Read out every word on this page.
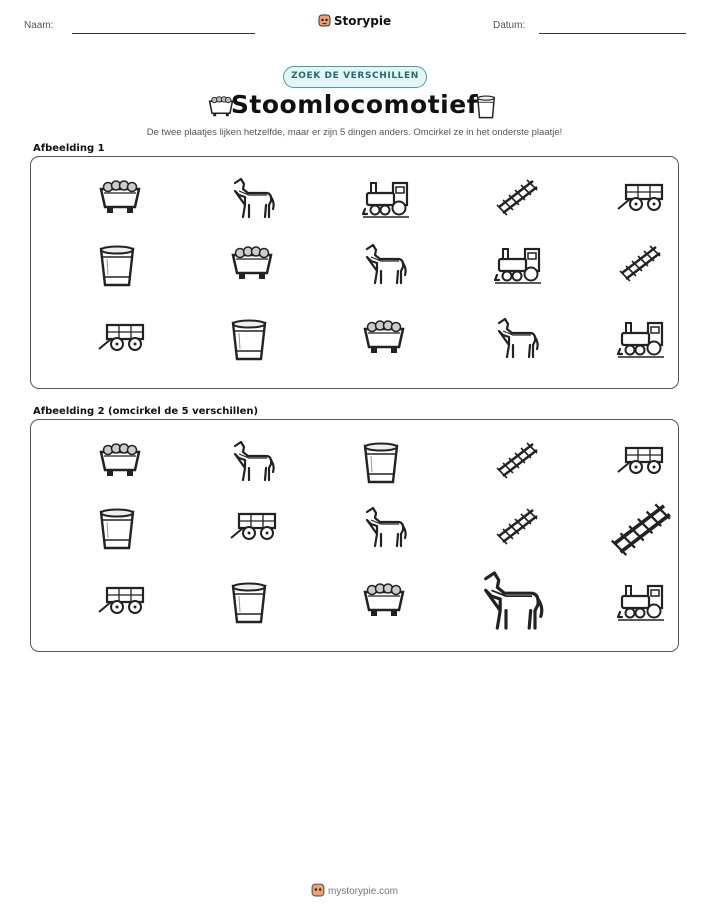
Naam:	Storypie	Datum:
ZOEK DE VERSCHILLEN
Stoomlocomotief
De twee plaatjes lijken hetzelfde, maar er zijn 5 dingen anders. Omcirkel ze in het onderste plaatje!
Afbeelding 1
Afbeelding 2 (omcirkel de 5 verschillen)
mystorypie.com
